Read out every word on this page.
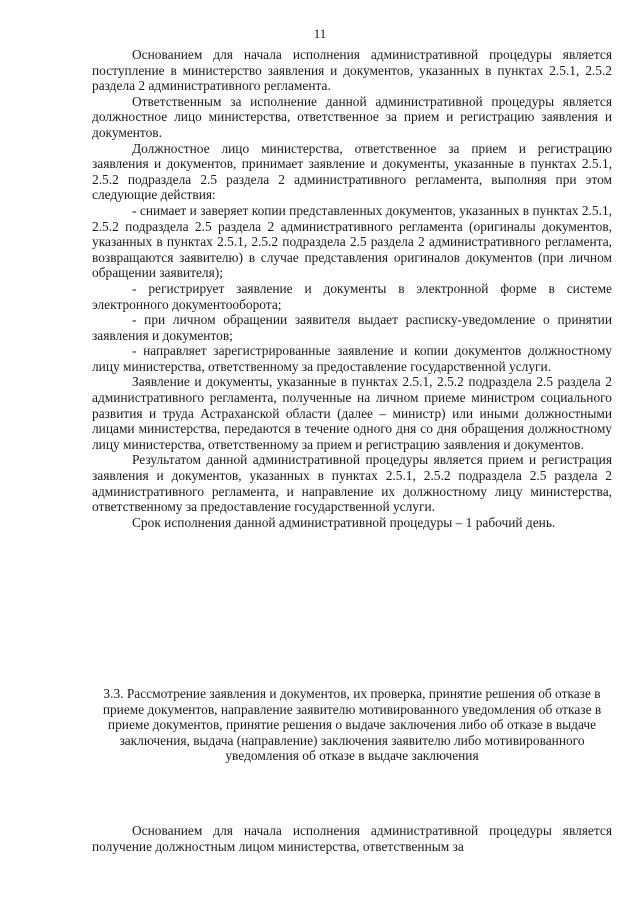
11

Основанием для начала исполнения административной процедуры является поступление в министерство заявления и документов, указанных в пунктах 2.5.1, 2.5.2 раздела 2 административного регламента.

Ответственным за исполнение данной административной процедуры является должностное лицо министерства, ответственное за прием и регистрацию заявления и документов.

Должностное лицо министерства, ответственное за прием и регистрацию заявления и документов, принимает заявление и документы, указанные в пунктах 2.5.1, 2.5.2 подраздела 2.5 раздела 2 административного регламента, выполняя при этом следующие действия:

- снимает и заверяет копии представленных документов, указанных в пунктах 2.5.1, 2.5.2 подраздела 2.5 раздела 2 административного регламента (оригиналы документов, указанных в пунктах 2.5.1, 2.5.2 подраздела 2.5 раздела 2 административного регламента, возвращаются заявителю) в случае представления оригиналов документов (при личном обращении заявителя);

- регистрирует заявление и документы в электронной форме в системе электронного документооборота;

- при личном обращении заявителя выдает расписку-уведомление о принятии заявления и документов;

- направляет зарегистрированные заявление и копии документов должностному лицу министерства, ответственному за предоставление государственной услуги.

Заявление и документы, указанные в пунктах 2.5.1, 2.5.2 подраздела 2.5 раздела 2 административного регламента, полученные на личном приеме министром социального развития и труда Астраханской области (далее – министр) или иными должностными лицами министерства, передаются в течение одного дня со дня обращения должностному лицу министерства, ответственному за прием и регистрацию заявления и документов.

Результатом данной административной процедуры является прием и регистрация заявления и документов, указанных в пунктах 2.5.1, 2.5.2 подраздела 2.5 раздела 2 административного регламента, и направление их должностному лицу министерства, ответственному за предоставление государственной услуги.

Срок исполнения данной административной процедуры – 1 рабочий день.

3.3. Рассмотрение заявления и документов, их проверка, принятие решения об отказе в приеме документов, направление заявителю мотивированного уведомления об отказе в приеме документов, принятие решения о выдаче заключения либо об отказе в выдаче заключения, выдача (направление) заключения заявителю либо мотивированного уведомления об отказе в выдаче заключения

Основанием для начала исполнения административной процедуры является получение должностным лицом министерства, ответственным за
